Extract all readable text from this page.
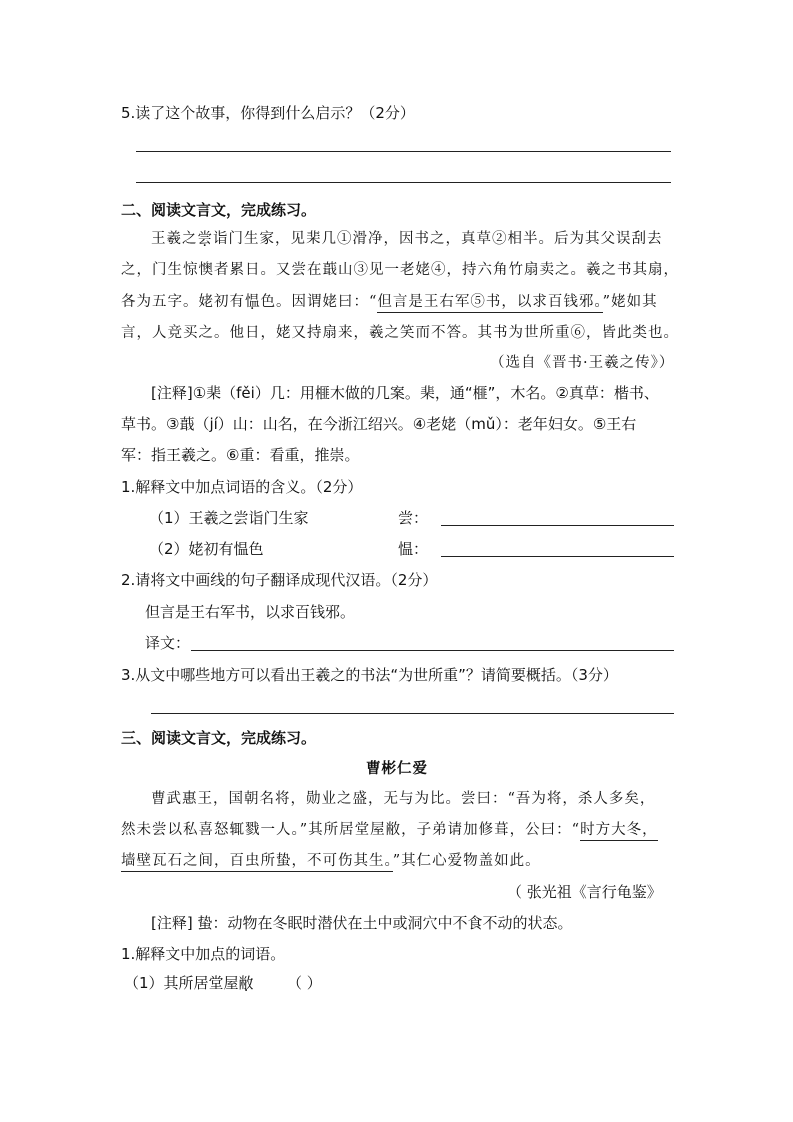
5.读了这个故事，你得到什么启示？（2分）
二、阅读文言文，完成练习。
王羲之尝诣门生家，见棐几①滑净，因书之，真草②相半。后为其父误刮去
之，门生惊懊者累日。又尝在蕺山③见一老姥④，持六角竹扇卖之。羲之书其扇，
各为五字。姥初有愠色。因谓姥曰：“但言是王右军⑤书，以求百钱邪。”姥如其
言，人竞买之。他日，姥又持扇来，羲之笑而不答。其书为世所重⑥，皆此类也。
（选自《晋书·王羲之传》）
[注释]①棐（fěi）几：用榧木做的几案。棐，通“榧”，木名。②真草：楷书、
草书。③蕺（jí）山：山名，在今浙江绍兴。④老姥（mǔ）：老年妇女。⑤王右
军：指王羲之。⑥重：看重，推崇。
1.解释文中加点词语的含义。（2分）
（1）王羲之尝诣门生家	尝：
（2）姥初有愠色	愠：
2.请将文中画线的句子翻译成现代汉语。（2分）
但言是王右军书，以求百钱邪。
译文：
3.从文中哪些地方可以看出王羲之的书法“为世所重”？请简要概括。（3分）
三、阅读文言文，完成练习。
曹彬仁爱
曹武惠王，国朝名将，勋业之盛，无与为比。尝曰：“吾为将，杀人多矣，
然未尝以私喜怒辄戮一人。”其所居堂屋敝，子弟请加修葺，公曰：“时方大冬，
墙壁瓦石之间，百虫所蛰，不可伤其生。”其仁心爱物盖如此。
（ 张光祖《言行龟鉴》
[注释] 蛰：动物在冬眠时潜伏在土中或洞穴中不食不动的状态。
1.解释文中加点的词语。
（1）其所居堂屋敝 （ ）
